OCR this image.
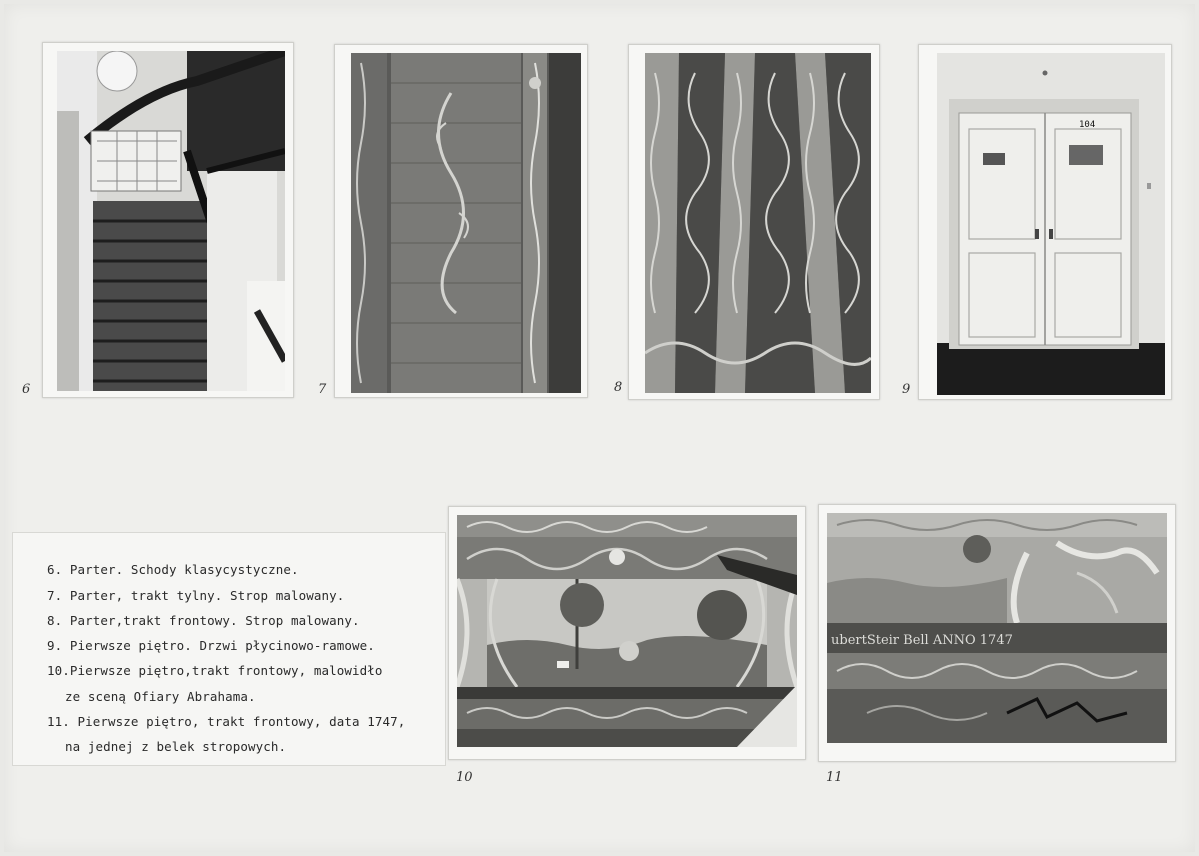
6	7	8
104
9
6. Parter. Schody klasycystyczne.
7. Parter, trakt tylny. Strop malowany.
8. Parter,trakt frontowy. Strop malowany.
9. Pierwsze piętro. Drzwi płycinowo-ramowe.
10.Pierwsze piętro,trakt frontowy, malowidło
ze sceną Ofiary Abrahama.
11. Pierwsze piętro, trakt frontowy, data 1747,
na jednej z belek stropowych.
10
ubertSteir Bell ANNO 1747
11
